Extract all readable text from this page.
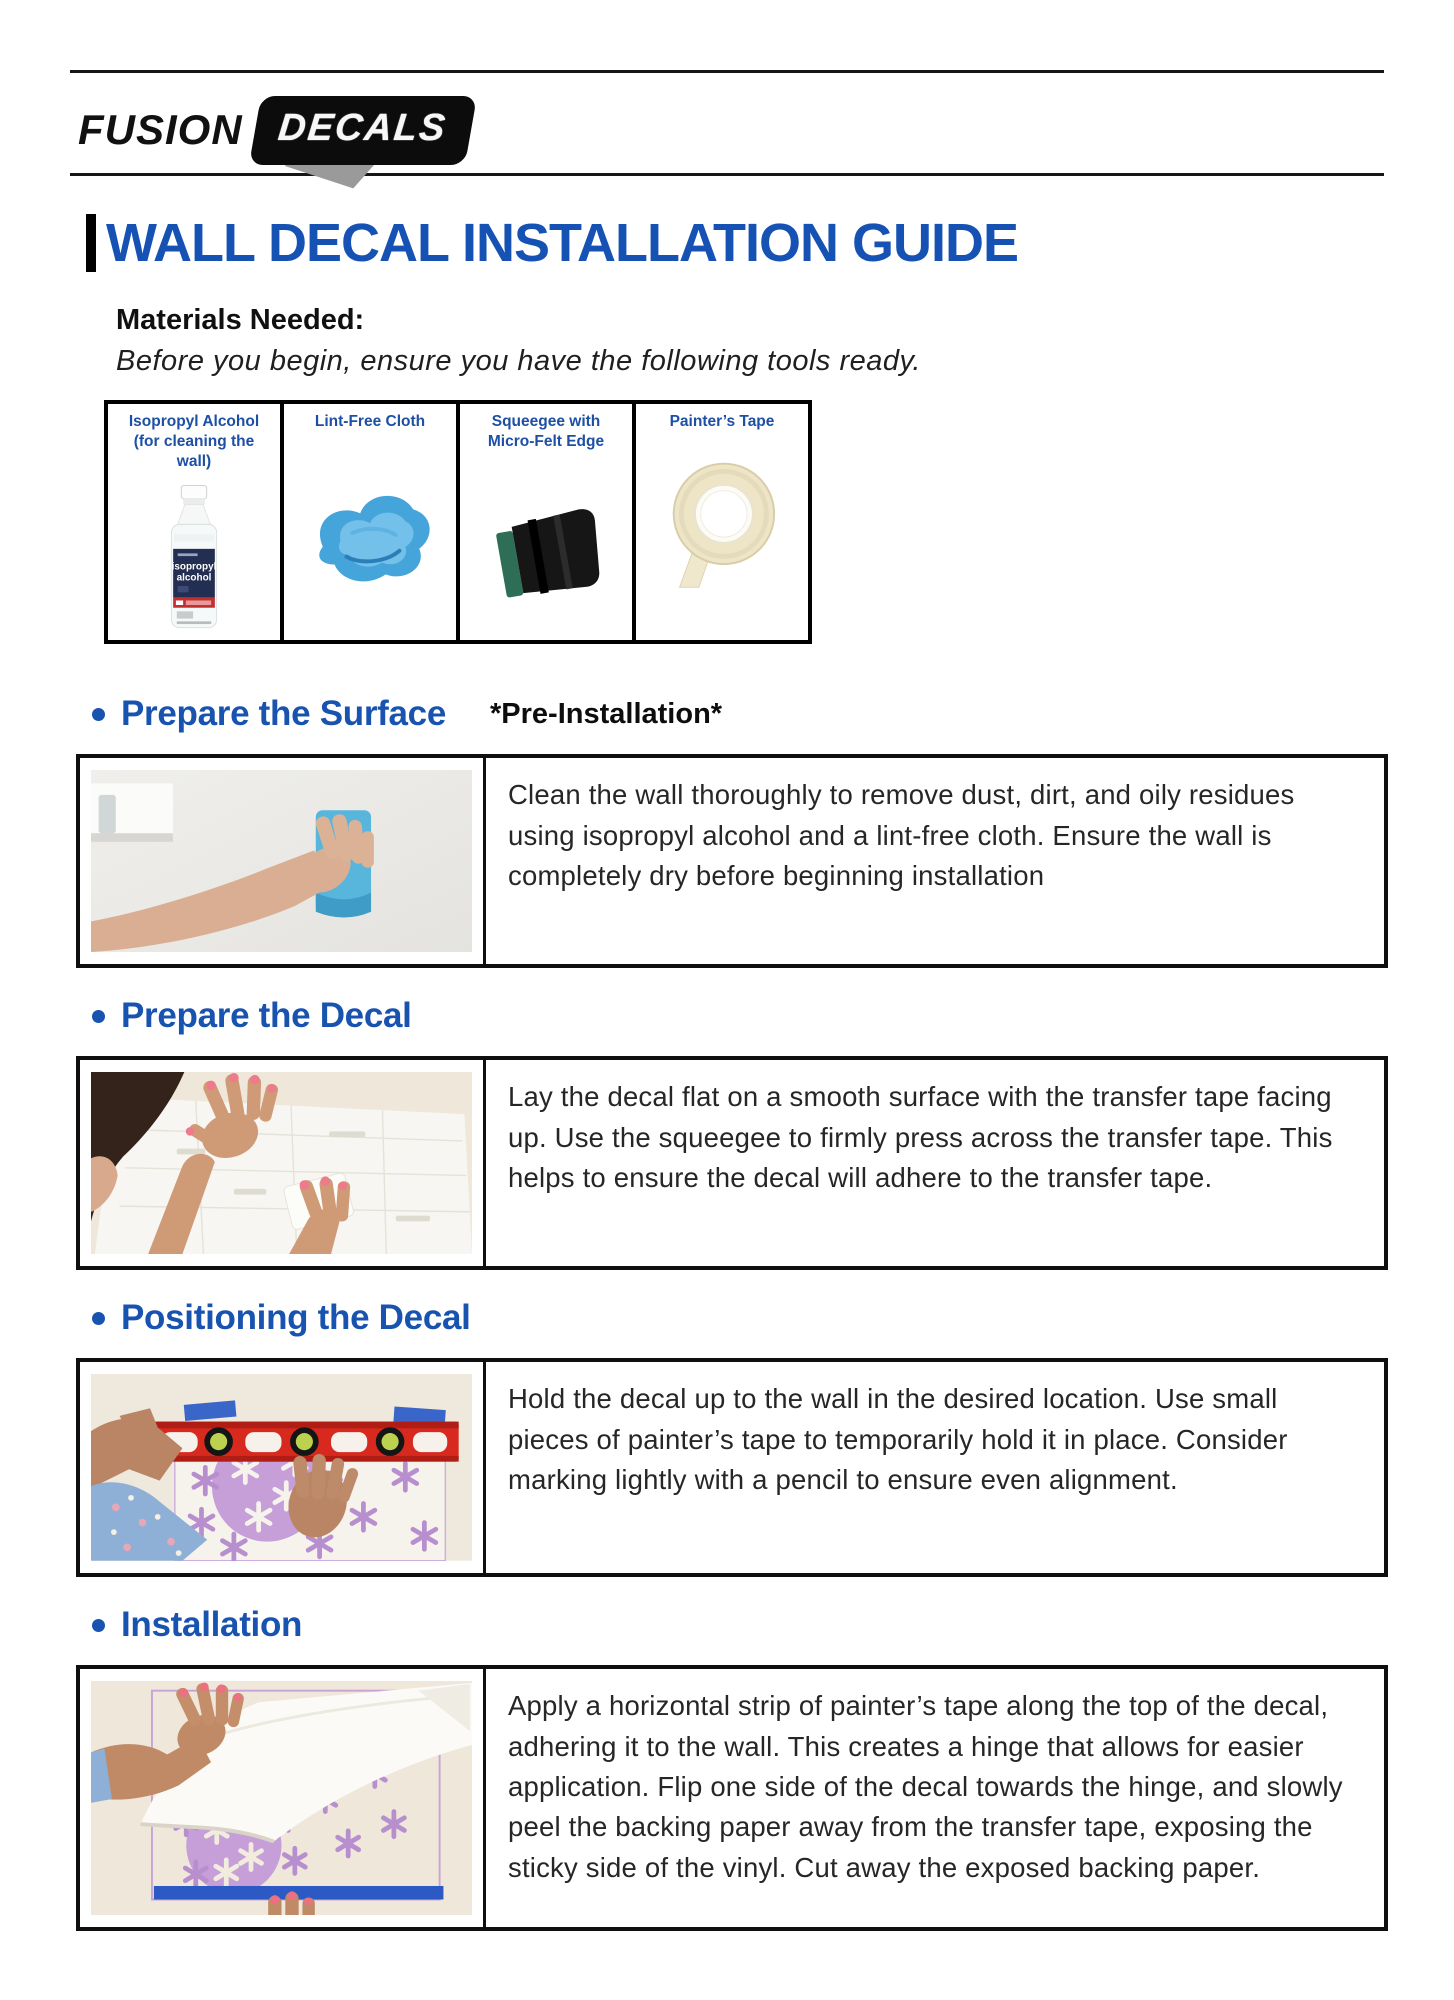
FUSION DECALS
WALL DECAL INSTALLATION GUIDE
Materials Needed:
Before you begin, ensure you have the following tools ready.
Isopropyl Alcohol (for cleaning the wall)
isopropyl
alcohol

Lint-Free Cloth	Squeegee with Micro-Felt Edge

Painter’s Tape
Prepare the Surface *Pre-Installation*
Clean the wall thoroughly to remove dust, dirt, and oily residues using isopropyl alcohol and a lint-free cloth. Ensure the wall is completely dry before beginning installation
Prepare the Decal
Lay the decal flat on a smooth surface with the transfer tape facing up. Use the squeegee to firmly press across the transfer tape. This helps to ensure the decal will adhere to the transfer tape.
Positioning the Decal
Hold the decal up to the wall in the desired location. Use small pieces of painter’s tape to temporarily hold it in place. Consider marking lightly with a pencil to ensure even alignment.
Installation
Apply a horizontal strip of painter’s tape along the top of the decal, adhering it to the wall. This creates a hinge that allows for easier application. Flip one side of the decal towards the hinge, and slowly peel the backing paper away from the transfer tape, exposing the sticky side of the vinyl. Cut away the exposed backing paper.
